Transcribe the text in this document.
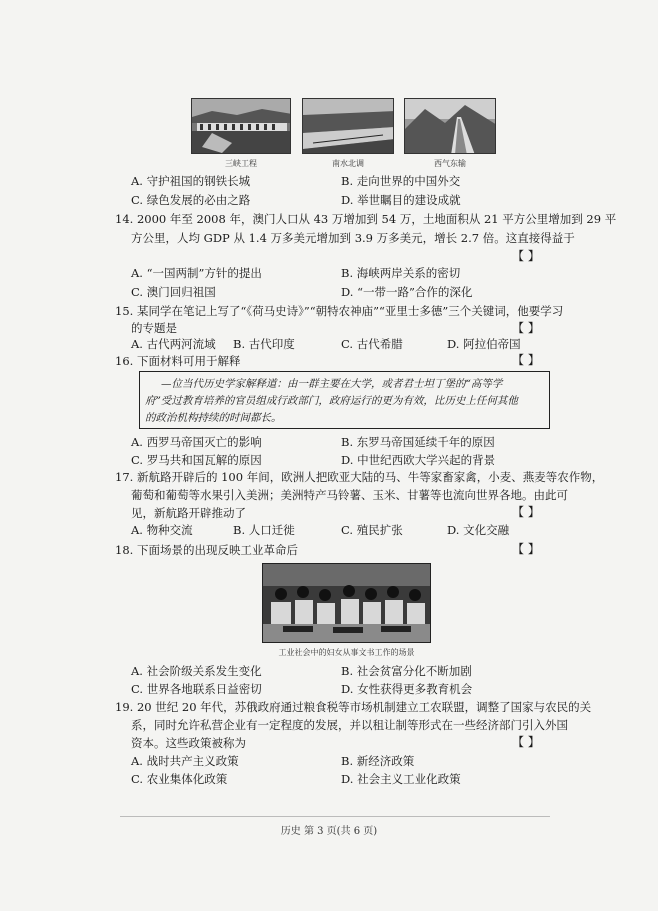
三峡工程	南水北调	西气东输
A. 守护祖国的钢铁长城	B. 走向世界的中国外交
C. 绿色发展的必由之路	D. 举世瞩目的建设成就
14. 2000 年至 2008 年，澳门人口从 43 万增加到 54 万，土地面积从 21 平方公里增加到 29 平
方公里，人均 GDP 从 1.4 万多美元增加到 3.9 万多美元，增长 2.7 倍。这直接得益于
【 】
A. “一国两制”方针的提出	B. 海峡两岸关系的密切
C. 澳门回归祖国	D. “一带一路”合作的深化
15. 某同学在笔记上写了“《荷马史诗》”“朝特农神庙”“亚里士多德”三个关键词，他要学习
的专题是	【 】
A. 古代两河流域 B. 古代印度	C. 古代希腊	D. 阿拉伯帝国
16. 下面材料可用于解释	【 】
—位当代历史学家解释道：由一群主要在大学，或者君士坦丁堡的“高等学
府”受过教育培养的官员组成行政部门，政府运行的更为有效，比历史上任何其他
的政治机构持续的时间都长。
A. 西罗马帝国灭亡的影响	B. 东罗马帝国延续千年的原因
C. 罗马共和国瓦解的原因	D. 中世纪西欧大学兴起的背景
17. 新航路开辟后的 100 年间，欧洲人把欧亚大陆的马、牛等家畜家禽，小麦、燕麦等农作物，
葡萄和葡萄等水果引入美洲；美洲特产马铃薯、玉米、甘薯等也流向世界各地。由此可
见，新航路开辟推动了	【 】
A. 物种交流	B. 人口迁徙	C. 殖民扩张	D. 文化交融
18. 下面场景的出现反映工业革命后	【 】
工业社会中的妇女从事文书工作的场景
A. 社会阶级关系发生变化	B. 社会贫富分化不断加剧
C. 世界各地联系日益密切	D. 女性获得更多教育机会
19. 20 世纪 20 年代，苏俄政府通过粮食税等市场机制建立工农联盟，调整了国家与农民的关
系，同时允许私营企业有一定程度的发展，并以租让制等形式在一些经济部门引入外国
资本。这些政策被称为	【 】
A. 战时共产主义政策	B. 新经济政策
C. 农业集体化政策	D. 社会主义工业化政策
历史 第 3 页(共 6 页)
